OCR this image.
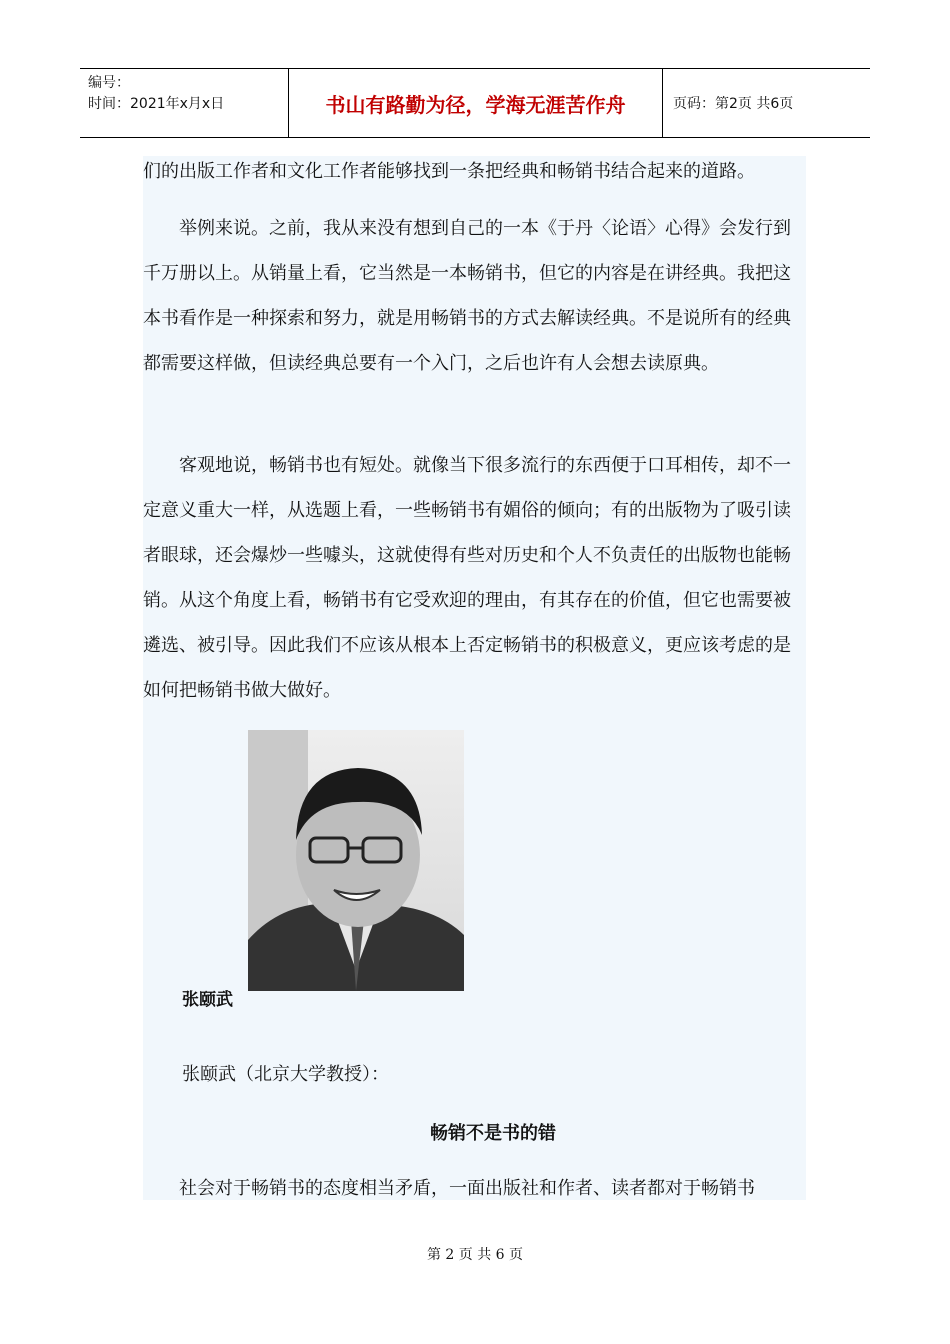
编号：
时间：2021年x月x日	书山有路勤为径，学海无涯苦作舟	页码：第2页 共6页

们的出版工作者和文化工作者能够找到一条把经典和畅销书结合起来的道路。

举例来说。之前，我从来没有想到自己的一本《于丹〈论语〉心得》会发行到千万册以上。从销量上看，它当然是一本畅销书，但它的内容是在讲经典。我把这本书看作是一种探索和努力，就是用畅销书的方式去解读经典。不是说所有的经典都需要这样做，但读经典总要有一个入门，之后也许有人会想去读原典。

客观地说，畅销书也有短处。就像当下很多流行的东西便于口耳相传，却不一定意义重大一样，从选题上看，一些畅销书有媚俗的倾向；有的出版物为了吸引读者眼球，还会爆炒一些噱头，这就使得有些对历史和个人不负责任的出版物也能畅销。从这个角度上看，畅销书有它受欢迎的理由，有其存在的价值，但它也需要被遴选、被引导。因此我们不应该从根本上否定畅销书的积极意义，更应该考虑的是如何把畅销书做大做好。

张颐武
张颐武（北京大学教授）：
畅销不是书的错

社会对于畅销书的态度相当矛盾，一面出版社和作者、读者都对于畅销书

第 2 页 共 6 页
